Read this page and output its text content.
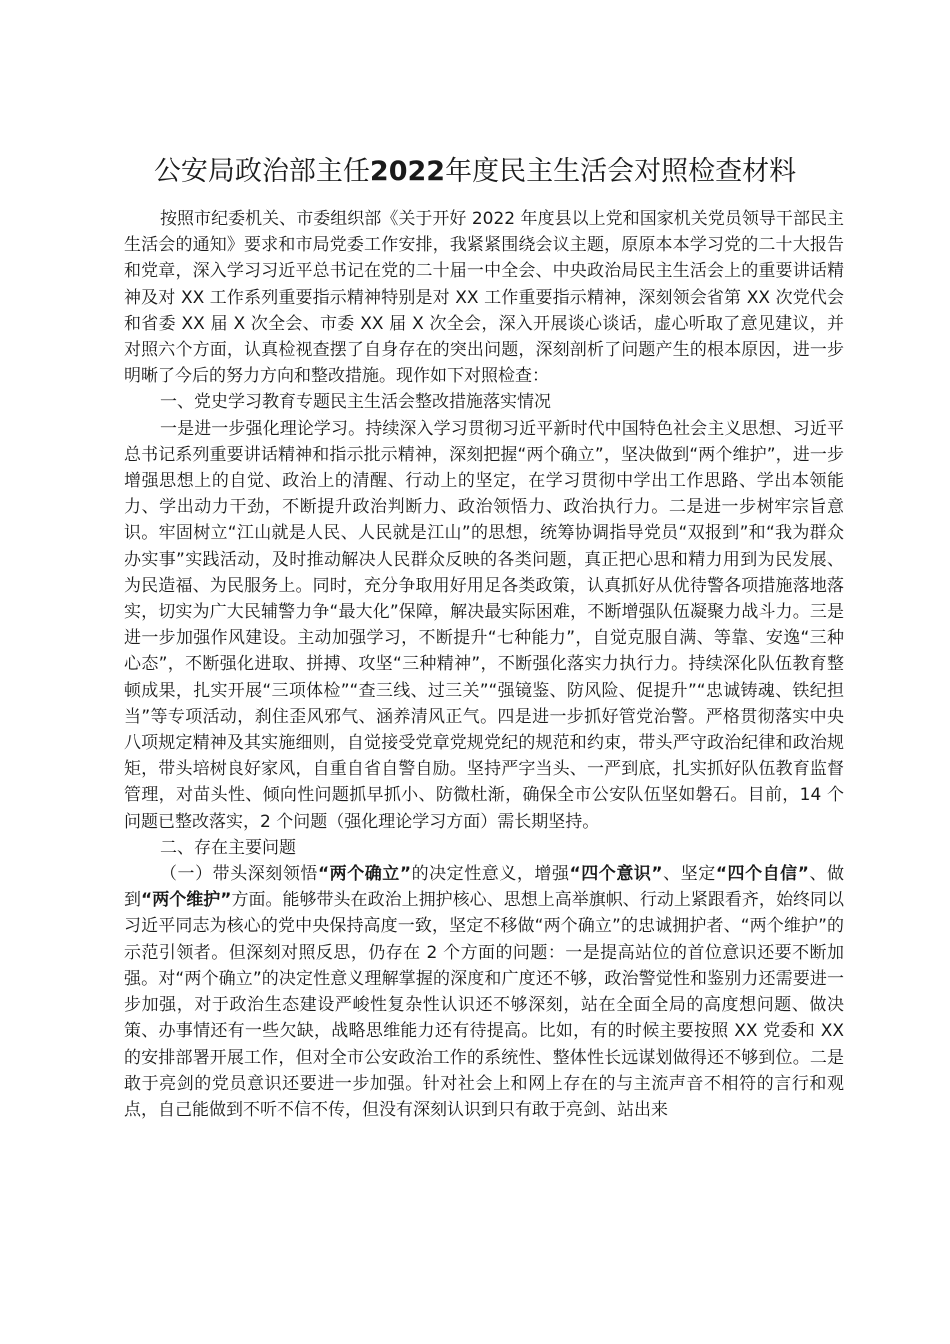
公安局政治部主任2022年度民主生活会对照检查材料

按照市纪委机关、市委组织部《关于开好 2022 年度县以上党和国家机关党员领导干部民主生活会的通知》要求和市局党委工作安排，我紧紧围绕会议主题，原原本本学习党的二十大报告和党章，深入学习习近平总书记在党的二十届一中全会、中央政治局民主生活会上的重要讲话精神及对 XX 工作系列重要指示精神特别是对 XX 工作重要指示精神，深刻领会省第 XX 次党代会和省委 XX 届 X 次全会、市委 XX 届 X 次全会，深入开展谈心谈话，虚心听取了意见建议，并对照六个方面，认真检视查摆了自身存在的突出问题，深刻剖析了问题产生的根本原因，进一步明晰了今后的努力方向和整改措施。现作如下对照检查：

一、党史学习教育专题民主生活会整改措施落实情况

一是进一步强化理论学习。持续深入学习贯彻习近平新时代中国特色社会主义思想、习近平总书记系列重要讲话精神和指示批示精神，深刻把握“两个确立”，坚决做到“两个维护”，进一步增强思想上的自觉、政治上的清醒、行动上的坚定，在学习贯彻中学出工作思路、学出本领能力、学出动力干劲，不断提升政治判断力、政治领悟力、政治执行力。二是进一步树牢宗旨意识。牢固树立“江山就是人民、人民就是江山”的思想，统筹协调指导党员“双报到”和“我为群众办实事”实践活动，及时推动解决人民群众反映的各类问题，真正把心思和精力用到为民发展、为民造福、为民服务上。同时，充分争取用好用足各类政策，认真抓好从优待警各项措施落地落实，切实为广大民辅警力争“最大化”保障，解决最实际困难，不断增强队伍凝聚力战斗力。三是进一步加强作风建设。主动加强学习，不断提升“七种能力”，自觉克服自满、等靠、安逸“三种心态”，不断强化进取、拼搏、攻坚“三种精神”，不断强化落实力执行力。持续深化队伍教育整顿成果，扎实开展“三项体检”“查三线、过三关”“强镜鉴、防风险、促提升”“忠诚铸魂、铁纪担当”等专项活动，刹住歪风邪气、涵养清风正气。四是进一步抓好管党治警。严格贯彻落实中央八项规定精神及其实施细则，自觉接受党章党规党纪的规范和约束，带头严守政治纪律和政治规矩，带头培树良好家风，自重自省自警自励。坚持严字当头、一严到底，扎实抓好队伍教育监督管理，对苗头性、倾向性问题抓早抓小、防微杜渐，确保全市公安队伍坚如磐石。目前，14 个问题已整改落实，2 个问题（强化理论学习方面）需长期坚持。

二、存在主要问题

（一）带头深刻领悟“两个确立”的决定性意义，增强“四个意识”、坚定“四个自信”、做到“两个维护”方面。能够带头在政治上拥护核心、思想上高举旗帜、行动上紧跟看齐，始终同以习近平同志为核心的党中央保持高度一致，坚定不移做“两个确立”的忠诚拥护者、“两个维护”的示范引领者。但深刻对照反思，仍存在 2 个方面的问题：一是提高站位的首位意识还要不断加强。对“两个确立”的决定性意义理解掌握的深度和广度还不够，政治警觉性和鉴别力还需要进一步加强，对于政治生态建设严峻性复杂性认识还不够深刻，站在全面全局的高度想问题、做决策、办事情还有一些欠缺，战略思维能力还有待提高。比如，有的时候主要按照 XX 党委和 XX 的安排部署开展工作，但对全市公安政治工作的系统性、整体性长远谋划做得还不够到位。二是敢于亮剑的党员意识还要进一步加强。针对社会上和网上存在的与主流声音不相符的言行和观点，自己能做到不听不信不传，但没有深刻认识到只有敢于亮剑、站出来
